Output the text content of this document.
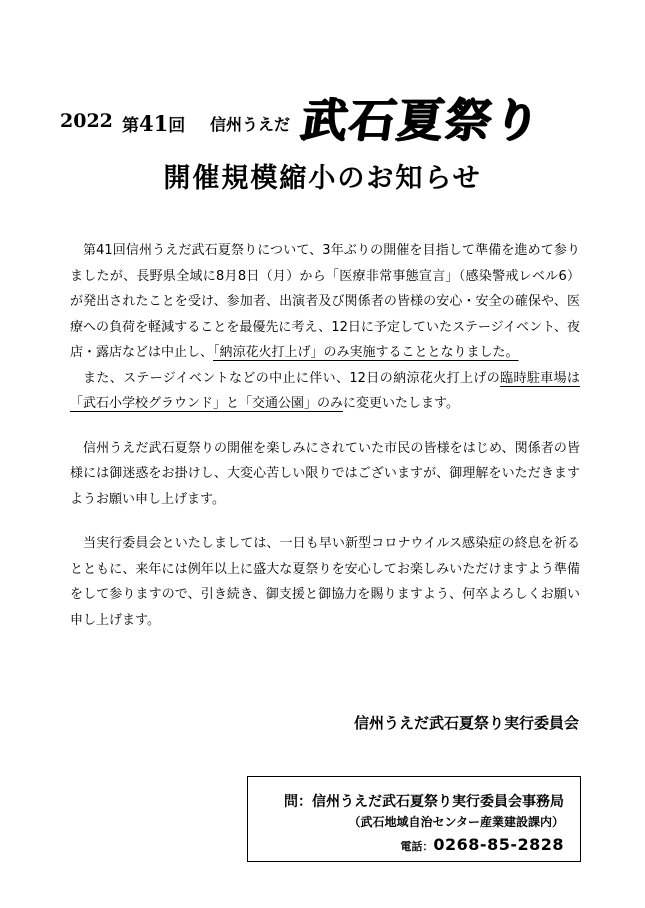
2022 第41回 信州うえだ 武石夏祭り
開催規模縮小のお知らせ

第41回信州うえだ武石夏祭りについて、3年ぶりの開催を目指して準備を進めて参りましたが、長野県全域に8月8日（月）から「医療非常事態宣言」（感染警戒レベル6）が発出されたことを受け、参加者、出演者及び関係者の皆様の安心・安全の確保や、医療への負荷を軽減することを最優先に考え、12日に予定していたステージイベント、夜店・露店などは中止し、「納涼花火打上げ」のみ実施することとなりました。

また、ステージイベントなどの中止に伴い、12日の納涼花火打上げの臨時駐車場は「武石小学校グラウンド」と「交通公園」のみに変更いたします。

信州うえだ武石夏祭りの開催を楽しみにされていた市民の皆様をはじめ、関係者の皆様には御迷惑をお掛けし、大変心苦しい限りではございますが、御理解をいただきますようお願い申し上げます。

当実行委員会といたしましては、一日も早い新型コロナウイルス感染症の終息を祈るとともに、来年には例年以上に盛大な夏祭りを安心してお楽しみいただけますよう準備をして参りますので、引き続き、御支援と御協力を賜りますよう、何卒よろしくお願い申し上げます。

信州うえだ武石夏祭り実行委員会
問：信州うえだ武石夏祭り実行委員会事務局
（武石地域自治センター産業建設課内）
電話：0268-85-2828
